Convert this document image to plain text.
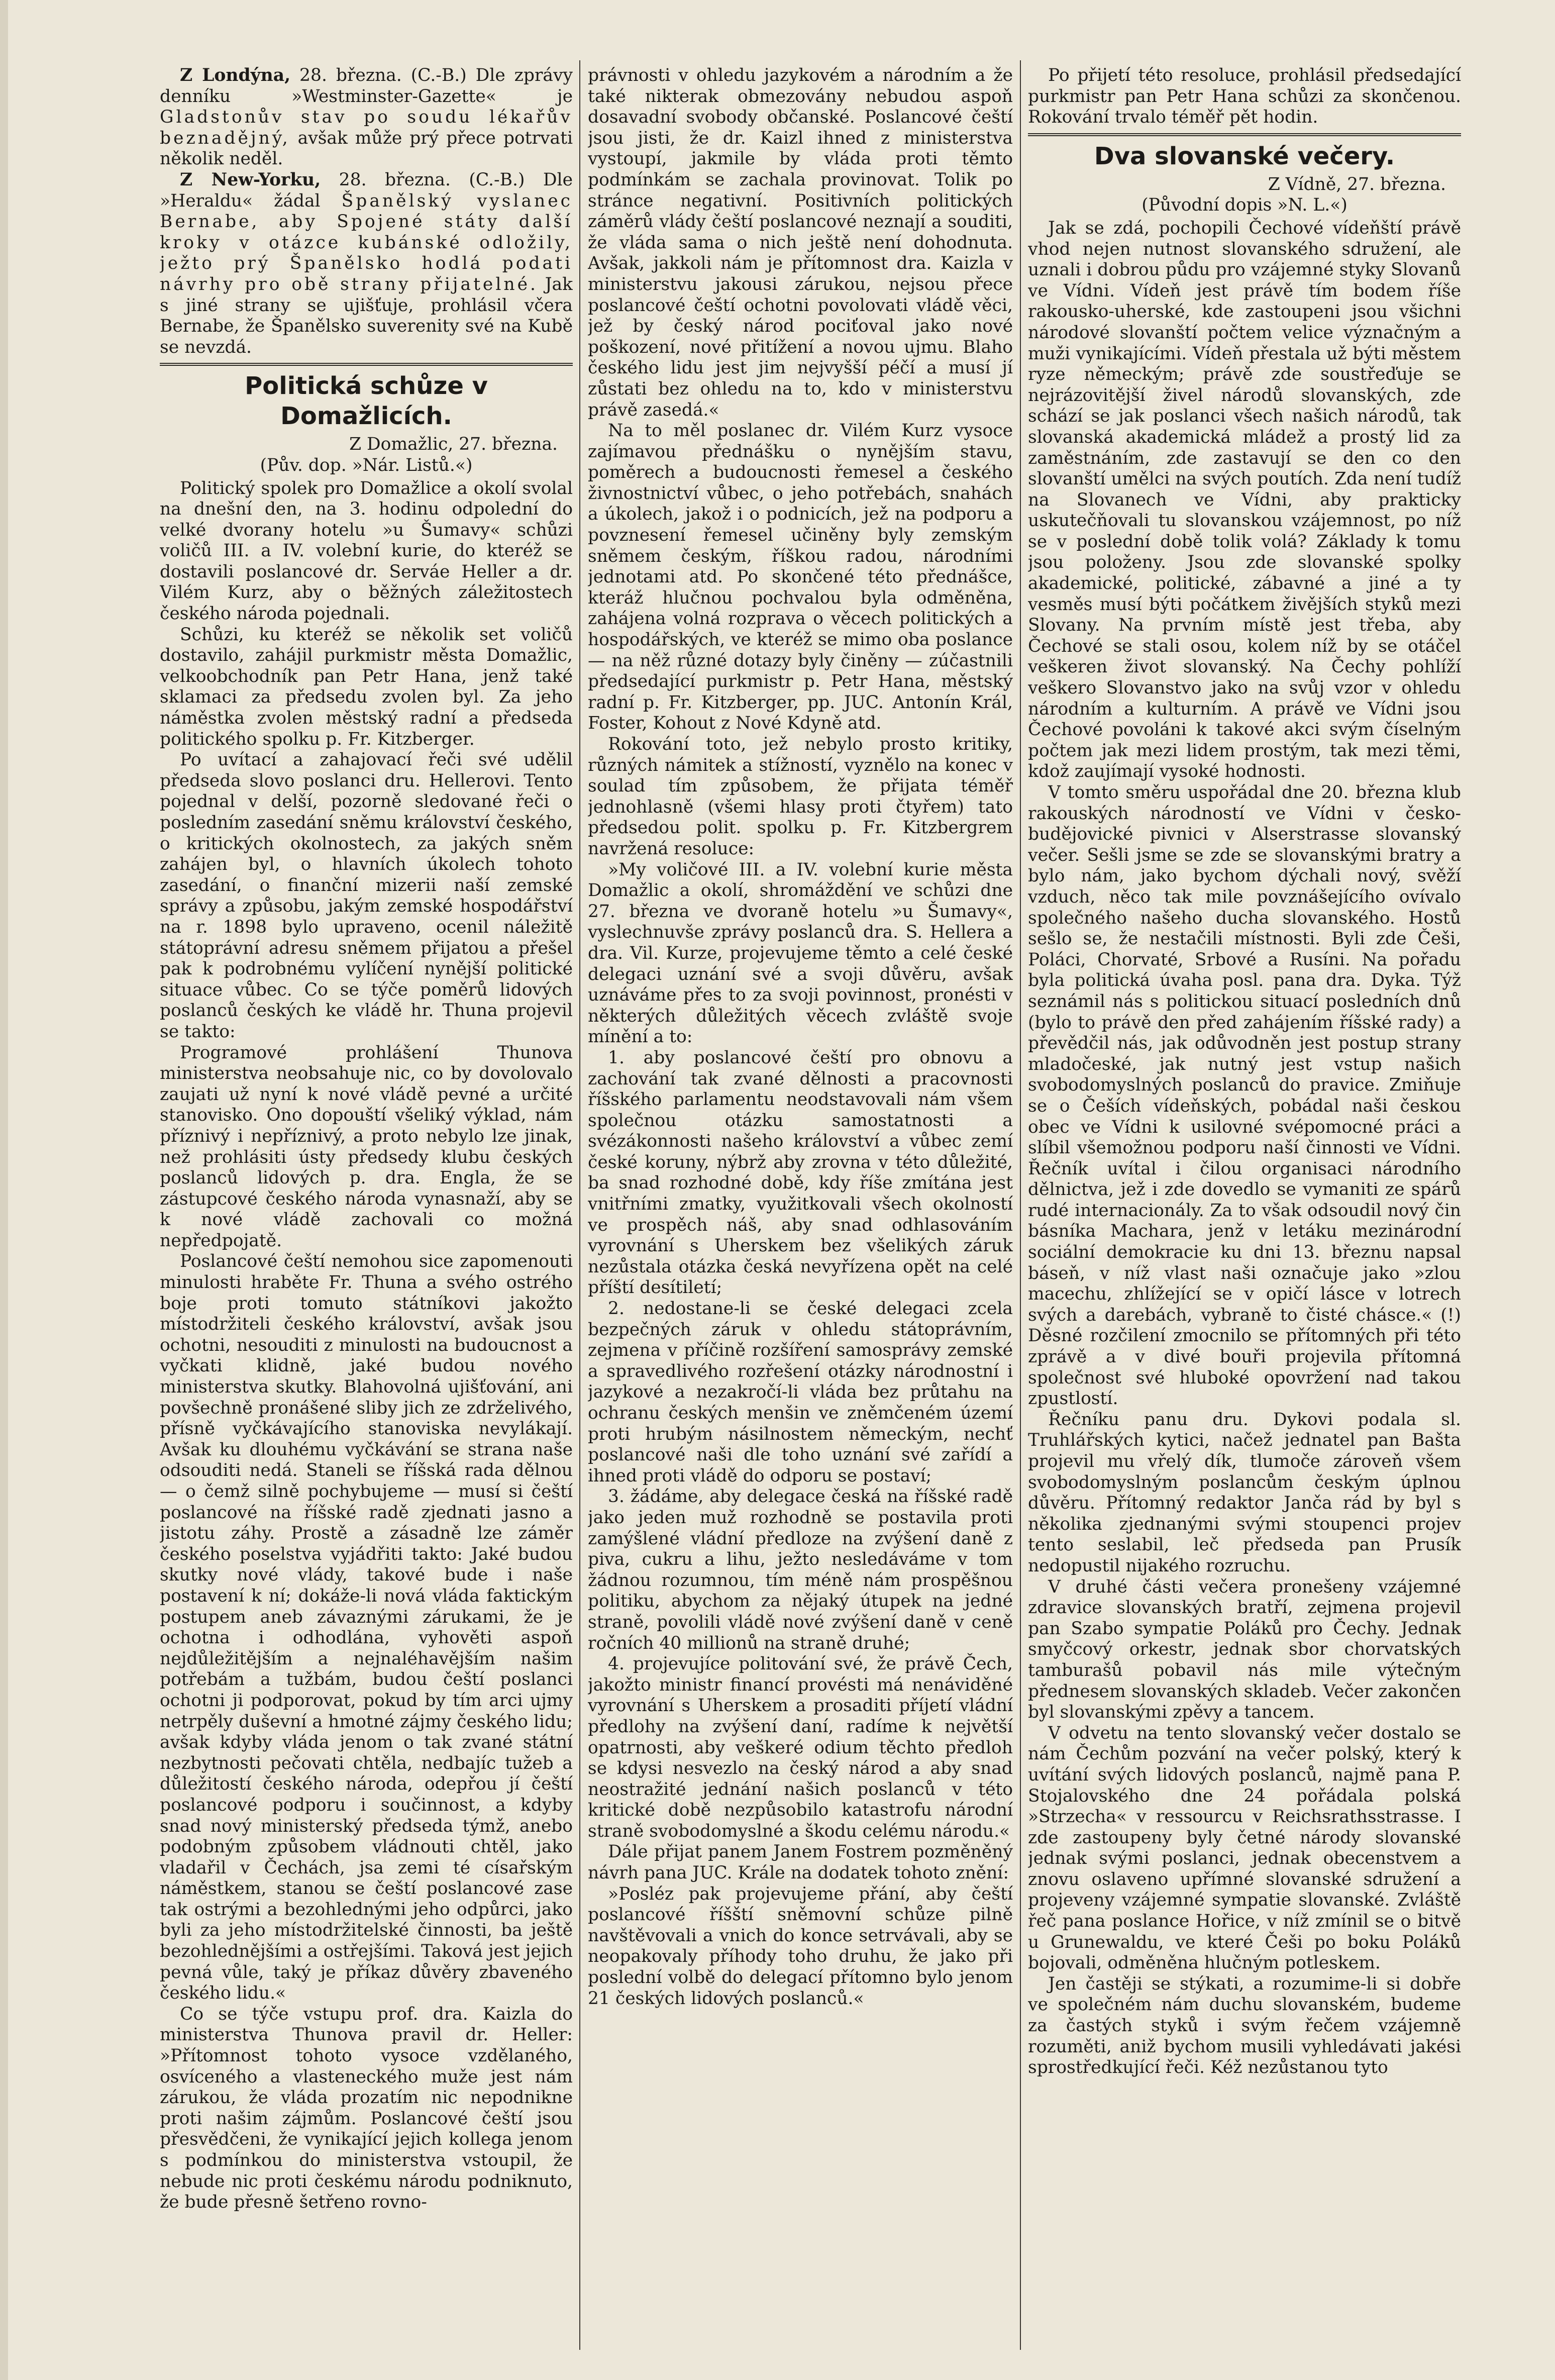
Z Londýna, 28. března. (C.-B.) Dle zprávy denníku »Westminster-Gazette« je Gladstonův stav po soudu lékařův beznadějný, avšak může prý přece potrvati několik neděl.

Z New-Yorku, 28. března. (C.-B.) Dle »Heraldu« žádal Španělský vyslanec Bernabe, aby Spojené státy další kroky v otázce kubánské odložily, ježto prý Španělsko hodlá podati návrhy pro obě strany přijatelné. Jak s jiné strany se ujišťuje, prohlásil včera Bernabe, že Španělsko suverenity své na Kubě se nevzdá.

Politická schůze v Domažlicích.
Z Domažlic, 27. března.
(Pův. dop. »Nár. Listů.«)

Politický spolek pro Domažlice a okolí svolal na dnešní den, na 3. hodinu odpolední do velké dvorany hotelu »u Šumavy« schůzi voličů III. a IV. volební kurie, do kteréž se dostavili poslancové dr. Serváe Heller a dr. Vilém Kurz, aby o běžných záležitostech českého národa pojednali.

Schůzi, ku kteréž se několik set voličů dostavilo, zahájil purkmistr města Domažlic, velkoobchodník pan Petr Hana, jenž také sklamaci za předsedu zvolen byl. Za jeho náměstka zvolen městský radní a předseda politického spolku p. Fr. Kitzberger.

Po uvítací a zahajovací řeči své udělil předseda slovo poslanci dru. Hellerovi. Tento pojednal v delší, pozorně sledované řeči o posledním zasedání sněmu království českého, o kritických okolnostech, za jakých sněm zahájen byl, o hlavních úkolech tohoto zasedání, o finanční mizerii naší zemské správy a způsobu, jakým zemské hospodářství na r. 1898 bylo upraveno, ocenil náležitě státoprávní adresu sněmem přijatou a přešel pak k podrobnému vylíčení nynější politické situace vůbec. Co se týče poměrů lidových poslanců českých ke vládě hr. Thuna projevil se takto:

Programové prohlášení Thunova ministerstva neobsahuje nic, co by dovolovalo zaujati už nyní k nové vládě pevné a určité stanovisko. Ono dopouští všeliký výklad, nám příznivý i nepříznivý, a proto nebylo lze jinak, než prohlásiti ústy předsedy klubu českých poslanců lidových p. dra. Engla, že se zástupcové českého národa vynasnaží, aby se k nové vládě zachovali co možná nepředpojatě.

Poslancové čeští nemohou sice zapomenouti minulosti hraběte Fr. Thuna a svého ostrého boje proti tomuto státníkovi jakožto místodržiteli českého království, avšak jsou ochotni, nesouditi z minulosti na budoucnost a vyčkati klidně, jaké budou nového ministerstva skutky. Blahovolná ujišťování, ani povšechně pronášené sliby jich ze zdrželivého, přísně vyčkávajícího stanoviska nevylákají. Avšak ku dlouhému vyčkávání se strana naše odsouditi nedá. Staneli se říšská rada dělnou — o čemž silně pochybujeme — musí si čeští poslancové na říšské radě zjednati jasno a jistotu záhy. Prostě a zásadně lze záměr českého poselstva vyjádřiti takto: Jaké budou skutky nové vlády, takové bude i naše postavení k ní; dokáže-li nová vláda faktickým postupem aneb závaznými zárukami, že je ochotna i odhodlána, vyhověti aspoň nejdůležitějším a nejnaléhavějším našim potřebám a tužbám, budou čeští poslanci ochotni ji podporovat, pokud by tím arci ujmy netrpěly duševní a hmotné zájmy českého lidu; avšak kdyby vláda jenom o tak zvané státní nezbytnosti pečovati chtěla, nedbajíc tužeb a důležitostí českého národa, odepřou jí čeští poslancové podporu i součinnost, a kdyby snad nový ministerský předseda týmž, anebo podobným způsobem vládnouti chtěl, jako vladařil v Čechách, jsa zemi té císařským náměstkem, stanou se čeští poslancové zase tak ostrými a bezohlednými jeho odpůrci, jako byli za jeho místodržitelské činnosti, ba ještě bezohlednějšími a ostřejšími. Taková jest jejich pevná vůle, taký je příkaz důvěry zbaveného českého lidu.«

Co se týče vstupu prof. dra. Kaizla do ministerstva Thunova pravil dr. Heller: »Přítomnost tohoto vysoce vzdělaného, osvíceného a vlasteneckého muže jest nám zárukou, že vláda prozatím nic nepodnikne proti našim zájmům. Poslancové čeští jsou přesvědčeni, že vynikající jejich kollega jenom s podmínkou do ministerstva vstoupil, že nebude nic proti českému národu podniknuto, že bude přesně šetřeno rovno-

právnosti v ohledu jazykovém a národním a že také nikterak obmezovány nebudou aspoň dosavadní svobody občanské. Poslancové čeští jsou jisti, že dr. Kaizl ihned z ministerstva vystoupí, jakmile by vláda proti těmto podmínkám se zachala provinovat. Tolik po stránce negativní. Positivních politických záměrů vlády čeští poslancové neznají a souditi, že vláda sama o nich ještě není dohodnuta. Avšak, jakkoli nám je přítomnost dra. Kaizla v ministerstvu jakousi zárukou, nejsou přece poslancové čeští ochotni povolovati vládě věci, jež by český národ pociťoval jako nové poškození, nové přitížení a novou ujmu. Blaho českého lidu jest jim nejvyšší péčí a musí jí zůstati bez ohledu na to, kdo v ministerstvu právě zasedá.«

Na to měl poslanec dr. Vilém Kurz vysoce zajímavou přednášku o nynějším stavu, poměrech a budoucnosti řemesel a českého živnostnictví vůbec, o jeho potřebách, snahách a úkolech, jakož i o podnicích, jež na podporu a povznesení řemesel učiněny byly zemským sněmem českým, říškou radou, národními jednotami atd. Po skončené této přednášce, kteráž hlučnou pochvalou byla odměněna, zahájena volná rozprava o věcech politických a hospodářských, ve kteréž se mimo oba poslance — na něž různé dotazy byly činěny — zúčastnili předsedající purkmistr p. Petr Hana, městský radní p. Fr. Kitzberger, pp. JUC. Antonín Král, Foster, Kohout z Nové Kdyně atd.

Rokování toto, jež nebylo prosto kritiky, různých námitek a stížností, vyznělo na konec v soulad tím způsobem, že přijata téměř jednohlasně (všemi hlasy proti čtyřem) tato předsedou polit. spolku p. Fr. Kitzbergrem navržená resoluce:

»My voličové III. a IV. volební kurie města Domažlic a okolí, shromáždění ve schůzi dne 27. března ve dvoraně hotelu »u Šumavy«, vyslechnuvše zprávy poslanců dra. S. Hellera a dra. Vil. Kurze, projevujeme těmto a celé české delegaci uznání své a svoji důvěru, avšak uznáváme přes to za svoji povinnost, pronésti v některých důležitých věcech zvláště svoje mínění a to:

1. aby poslancové čeští pro obnovu a zachování tak zvané dělnosti a pracovnosti říšského parlamentu neodstavovali nám všem společnou otázku samostatnosti a svézákonnosti našeho království a vůbec zemí české koruny, nýbrž aby zrovna v této důležité, ba snad rozhodné době, kdy říše zmítána jest vnitřními zmatky, využitkovali všech okolností ve prospěch náš, aby snad odhlasováním vyrovnání s Uherskem bez všelikých záruk nezůstala otázka česká nevyřízena opět na celé příští desítiletí;

2. nedostane-li se české delegaci zcela bezpečných záruk v ohledu státoprávním, zejmena v příčině rozšíření samosprávy zemské a spravedlivého rozřešení otázky národnostní i jazykové a nezakročí-li vláda bez průtahu na ochranu českých menšin ve zněmčeném území proti hrubým násilnostem německým, nechť poslancové naši dle toho uznání své zařídí a ihned proti vládě do odporu se postaví;

3. žádáme, aby delegace česká na říšské radě jako jeden muž rozhodně se postavila proti zamýšlené vládní předloze na zvýšení daně z piva, cukru a lihu, ježto nesledáváme v tom žádnou rozumnou, tím méně nám prospěšnou politiku, abychom za nějaký útupek na jedné straně, povolili vládě nové zvýšení daně v ceně ročních 40 millionů na straně druhé;

4. projevujíce politování své, že právě Čech, jakožto ministr financí provésti má nenáviděné vyrovnání s Uherskem a prosaditi příjetí vládní předlohy na zvýšení daní, radíme k největší opatrnosti, aby veškeré odium těchto předloh se kdysi nesvezlo na český národ a aby snad neostražité jednání našich poslanců v této kritické době nezpůsobilo katastrofu národní straně svobodomyslné a škodu celému národu.«

Dále přijat panem Janem Fostrem pozměněný návrh pana JUC. Krále na dodatek tohoto znění:

»Posléz pak projevujeme přání, aby čeští poslancové říšští sněmovní schůze pilně navštěvovali a vnich do konce setrvávali, aby se neopakovaly příhody toho druhu, že jako při poslední volbě do delegací přítomno bylo jenom 21 českých lidových poslanců.«

Po přijetí této resoluce, prohlásil předsedající purkmistr pan Petr Hana schůzi za skončenou. Rokování trvalo téměř pět hodin.

Dva slovanské večery.
Z Vídně, 27. března.
(Původní dopis »N. L.«)

Jak se zdá, pochopili Čechové vídeňští právě vhod nejen nutnost slovanského sdružení, ale uznali i dobrou půdu pro vzájemné styky Slovanů ve Vídni. Vídeň jest právě tím bodem říše rakousko-uherské, kde zastoupeni jsou všichni národové slovanští počtem velice význačným a muži vynikajícími. Vídeň přestala už býti městem ryze německým; právě zde soustřeďuje se nejrázovitější živel národů slovanských, zde schází se jak poslanci všech našich národů, tak slovanská akademická mládež a prostý lid za zaměstnáním, zde zastavují se den co den slovanští umělci na svých poutích. Zda není tudíž na Slovanech ve Vídni, aby prakticky uskutečňovali tu slovanskou vzájemnost, po níž se v poslední době tolik volá? Základy k tomu jsou položeny. Jsou zde slovanské spolky akademické, politické, zábavné a jiné a ty vesměs musí býti počátkem živějších styků mezi Slovany. Na prvním místě jest třeba, aby Čechové se stali osou, kolem níž by se otáčel veškeren život slovanský. Na Čechy pohlíží veškero Slovanstvo jako na svůj vzor v ohledu národním a kulturním. A právě ve Vídni jsou Čechové povoláni k takové akci svým číselným počtem jak mezi lidem prostým, tak mezi těmi, kdož zaujímají vysoké hodnosti.

V tomto směru uspořádal dne 20. března klub rakouských národností ve Vídni v česko-budějovické pivnici v Alserstrasse slovanský večer. Sešli jsme se zde se slovanskými bratry a bylo nám, jako bychom dýchali nový, svěží vzduch, něco tak mile povznášejícího ovívalo společného našeho ducha slovanského. Hostů sešlo se, že nestačili místnosti. Byli zde Češi, Poláci, Chorvaté, Srbové a Rusíni. Na pořadu byla politická úvaha posl. pana dra. Dyka. Týž seznámil nás s politickou situací posledních dnů (bylo to právě den před zahájením říšské rady) a převědčil nás, jak odůvodněn jest postup strany mladočeské, jak nutný jest vstup našich svobodomyslných poslanců do pravice. Zmiňuje se o Češích vídeňských, pobádal naši českou obec ve Vídni k usilovné svépomocné práci a slíbil všemožnou podporu naší činnosti ve Vídni. Řečník uvítal i čilou organisaci národního dělnictva, jež i zde dovedlo se vymaniti ze spárů rudé internacionály. Za to však odsoudil nový čin básníka Machara, jenž v letáku mezinárodní sociální demokracie ku dni 13. březnu napsal báseň, v níž vlast naši označuje jako »zlou macechu, zhlížející se v opičí lásce v lotrech svých a darebách, vybraně to čisté chásce.« (!) Děsné rozčilení zmocnilo se přítomných při této zprávě a v divé bouři projevila přítomná společnost své hluboké opovržení nad takou zpustlostí.

Řečníku panu dru. Dykovi podala sl. Truhlářských kytici, načež jednatel pan Bašta projevil mu vřelý dík, tlumoče zároveň všem svobodomyslným poslancům českým úplnou důvěru. Přítomný redaktor Janča rád by byl s několika zjednanými svými stoupenci projev tento seslabil, leč předseda pan Prusík nedopustil nijakého rozruchu.

V druhé části večera pronešeny vzájemné zdravice slovanských bratří, zejmena projevil pan Szabo sympatie Poláků pro Čechy. Jednak smyčcový orkestr, jednak sbor chorvatských tamburašů pobavil nás mile výtečným přednesem slovanských skladeb. Večer zakončen byl slovanskými zpěvy a tancem.

V odvetu na tento slovanský večer dostalo se nám Čechům pozvání na večer polský, který k uvítání svých lidových poslanců, najmě pana P. Stojalovského dne 24 pořádala polská »Strzecha« v ressourcu v Reichsrathsstrasse. I zde zastoupeny byly četné národy slovanské jednak svými poslanci, jednak obecenstvem a znovu oslaveno upřímné slovanské sdružení a projeveny vzájemné sympatie slovanské. Zvláště řeč pana poslance Hořice, v níž zmínil se o bitvě u Grunewaldu, ve které Češi po boku Poláků bojovali, odměněna hlučným potleskem.

Jen častěji se stýkati, a rozumime-li si dobře ve společném nám duchu slovanském, budeme za častých styků i svým řečem vzájemně rozuměti, aniž bychom musili vyhledávati jakési sprostředkující řeči. Kéž nezůstanou tyto
